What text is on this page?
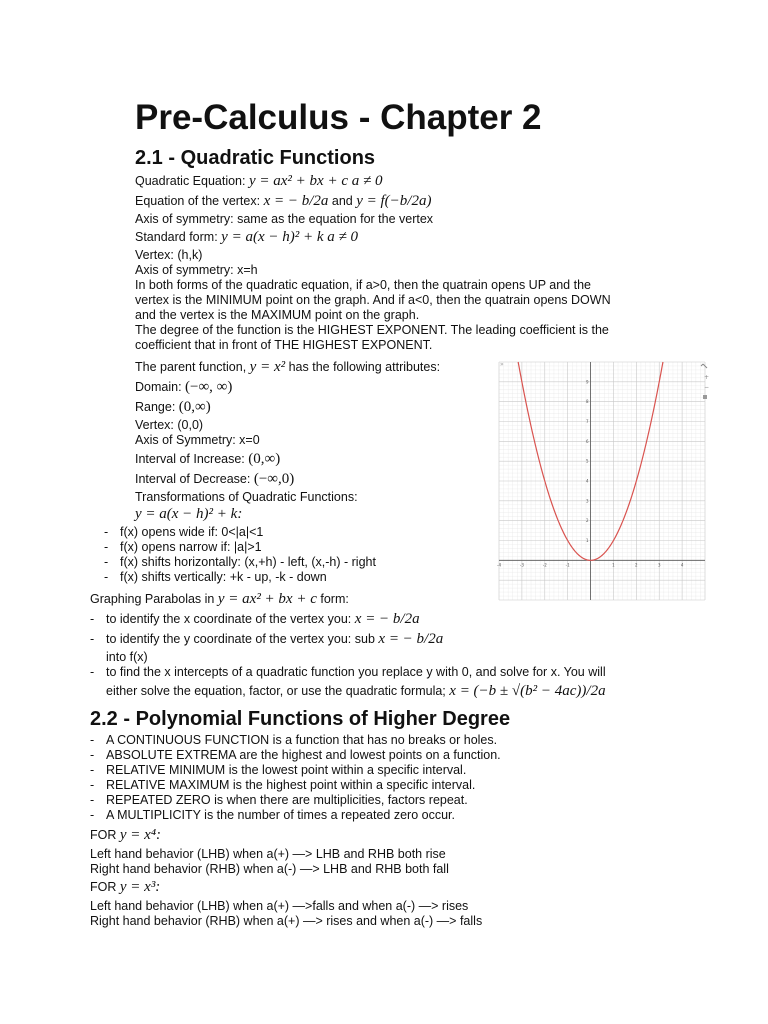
Pre-Calculus - Chapter 2
2.1 - Quadratic Functions
Quadratic Equation: y = ax² + bx + c a ≠ 0
Equation of the vertex: x = − b/2a and y = f(−b/2a)
Axis of symmetry: same as the equation for the vertex
Standard form: y = a(x − h)² + k a ≠ 0
Vertex: (h,k)
Axis of symmetry: x=h
In both forms of the quadratic equation, if a>0, then the quatrain opens UP and the
vertex is the MINIMUM point on the graph. And if a<0, then the quatrain opens DOWN
and the vertex is the MAXIMUM point on the graph.
The degree of the function is the HIGHEST EXPONENT. The leading coefficient is the
coefficient that in front of THE HIGHEST EXPONENT.
The parent function, y = x² has the following attributes:
Domain: (−∞, ∞)
Range: (0,∞)
Vertex: (0,0)
Axis of Symmetry: x=0
Interval of Increase: (0,∞)
Interval of Decrease: (−∞,0)
Transformations of Quadratic Functions:
y = a(x − h)² + k:
- f(x) opens wide if: 0<|a|<1
- f(x) opens narrow if: |a|>1
- f(x) shifts horizontally: (x,+h) - left, (x,-h) - right
- f(x) shifts vertically: +k - up, -k - down
Graphing Parabolas in y = ax² + bx + c form:
- to identify the x coordinate of the vertex you: x = − b/2a
- to identify the y coordinate of the vertex you: sub x = − b/2a
into f(x)
- to find the x intercepts of a quadratic function you replace y with 0, and solve for x. You will
either solve the equation, factor, or use the quadratic formula; x = (−b ± √(b² − 4ac))/2a
2.2 - Polynomial Functions of Higher Degree
- A CONTINUOUS FUNCTION is a function that has no breaks or holes.
- ABSOLUTE EXTREMA are the highest and lowest points on a function.
- RELATIVE MINIMUM is the lowest point within a specific interval.
- RELATIVE MAXIMUM is the highest point within a specific interval.
- REPEATED ZERO is when there are multiplicities, factors repeat.
- A MULTIPLICITY is the number of times a repeated zero occur.
FOR y = x⁴:
Left hand behavior (LHB) when a(+) —> LHB and RHB both rise
Right hand behavior (RHB) when a(-) —> LHB and RHB both fall
FOR y = x³:
Left hand behavior (LHB) when a(+) —>falls and when a(-) —> rises
Right hand behavior (RHB) when a(+) —> rises and when a(-) —> falls
-4	-3	-2	-1	1	2	3	4
1
2
3
4
5
6
7
8
9
+
−
»
